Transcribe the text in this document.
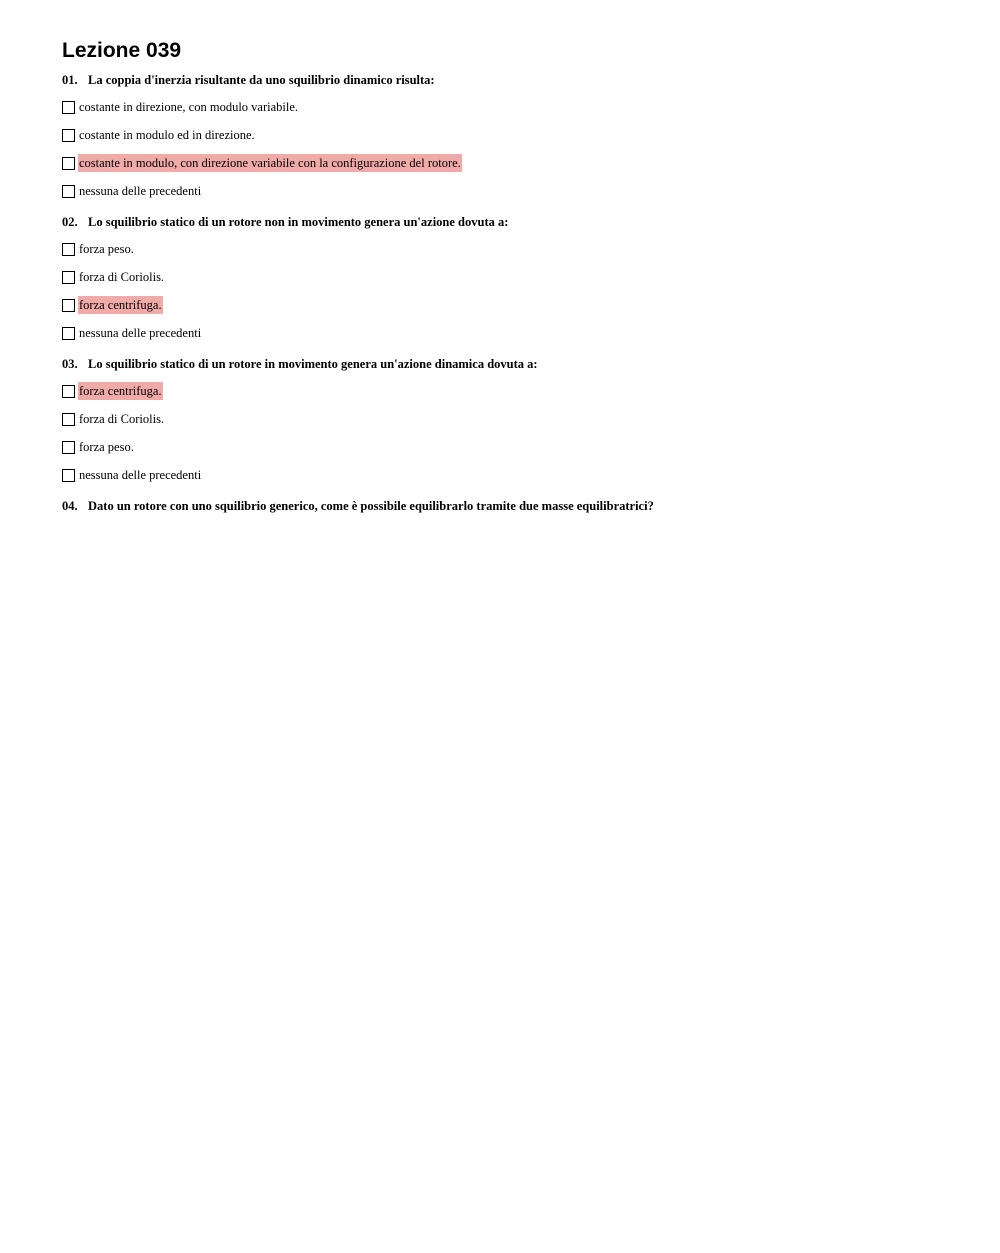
Lezione 039
01. La coppia d'inerzia risultante da uno squilibrio dinamico risulta:
costante in direzione, con modulo variabile.
costante in modulo ed in direzione.
costante in modulo, con direzione variabile con la configurazione del rotore.
nessuna delle precedenti
02. Lo squilibrio statico di un rotore non in movimento genera un'azione dovuta a:
forza peso.
forza di Coriolis.
forza centrifuga.
nessuna delle precedenti
03. Lo squilibrio statico di un rotore in movimento genera un'azione dinamica dovuta a:
forza centrifuga.
forza di Coriolis.
forza peso.
nessuna delle precedenti
04. Dato un rotore con uno squilibrio generico, come è possibile equilibrarlo tramite due masse equilibratrici?
